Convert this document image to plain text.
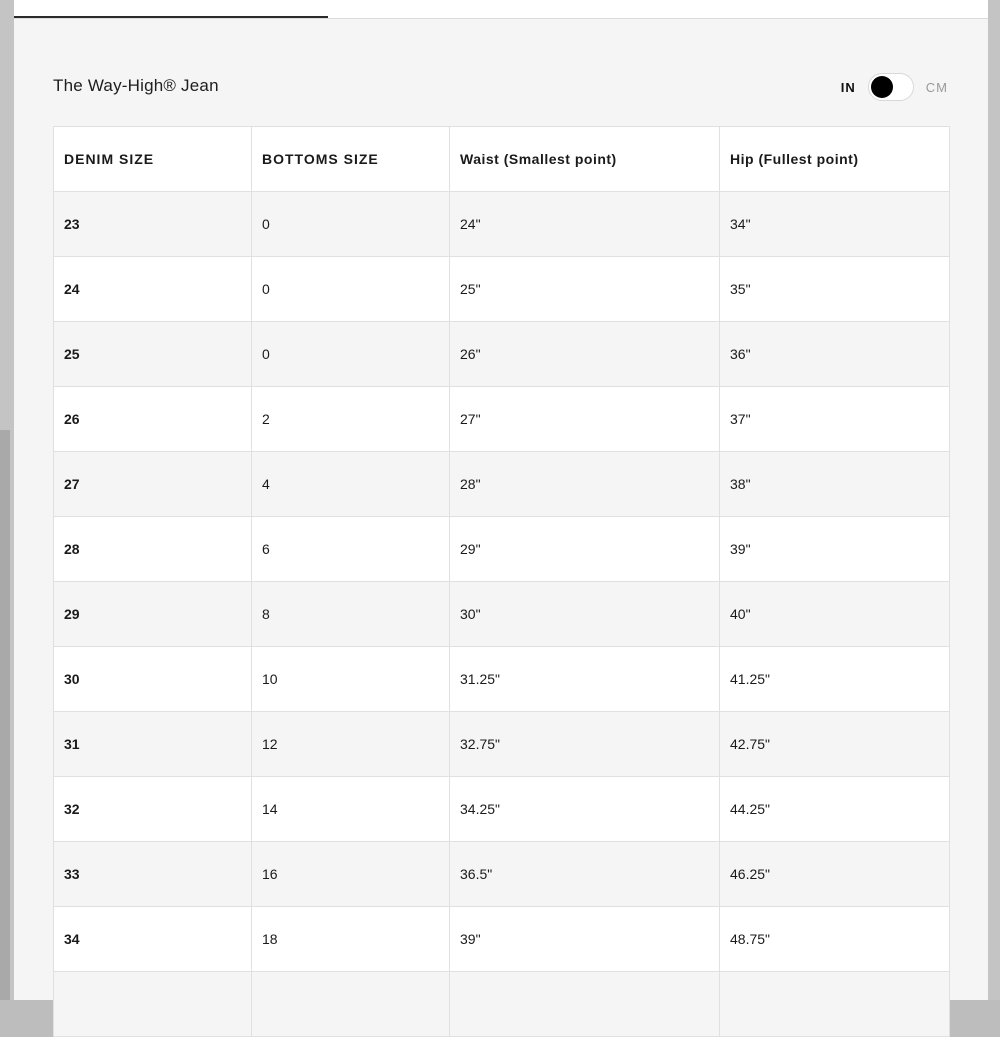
The Way-High® Jean	IN	CM
DENIM SIZE	BOTTOMS SIZE	Waist (Smallest point)	Hip (Fullest point)
23	0	24"	34"
24	0	25"	35"
25	0	26"	36"
26	2	27"	37"
27	4	28"	38"
28	6	29"	39"
29	8	30"	40"
30	10	31.25"	41.25"
31	12	32.75"	42.75"
32	14	34.25"	44.25"
33	16	36.5"	46.25"
34	18	39"	48.75"
